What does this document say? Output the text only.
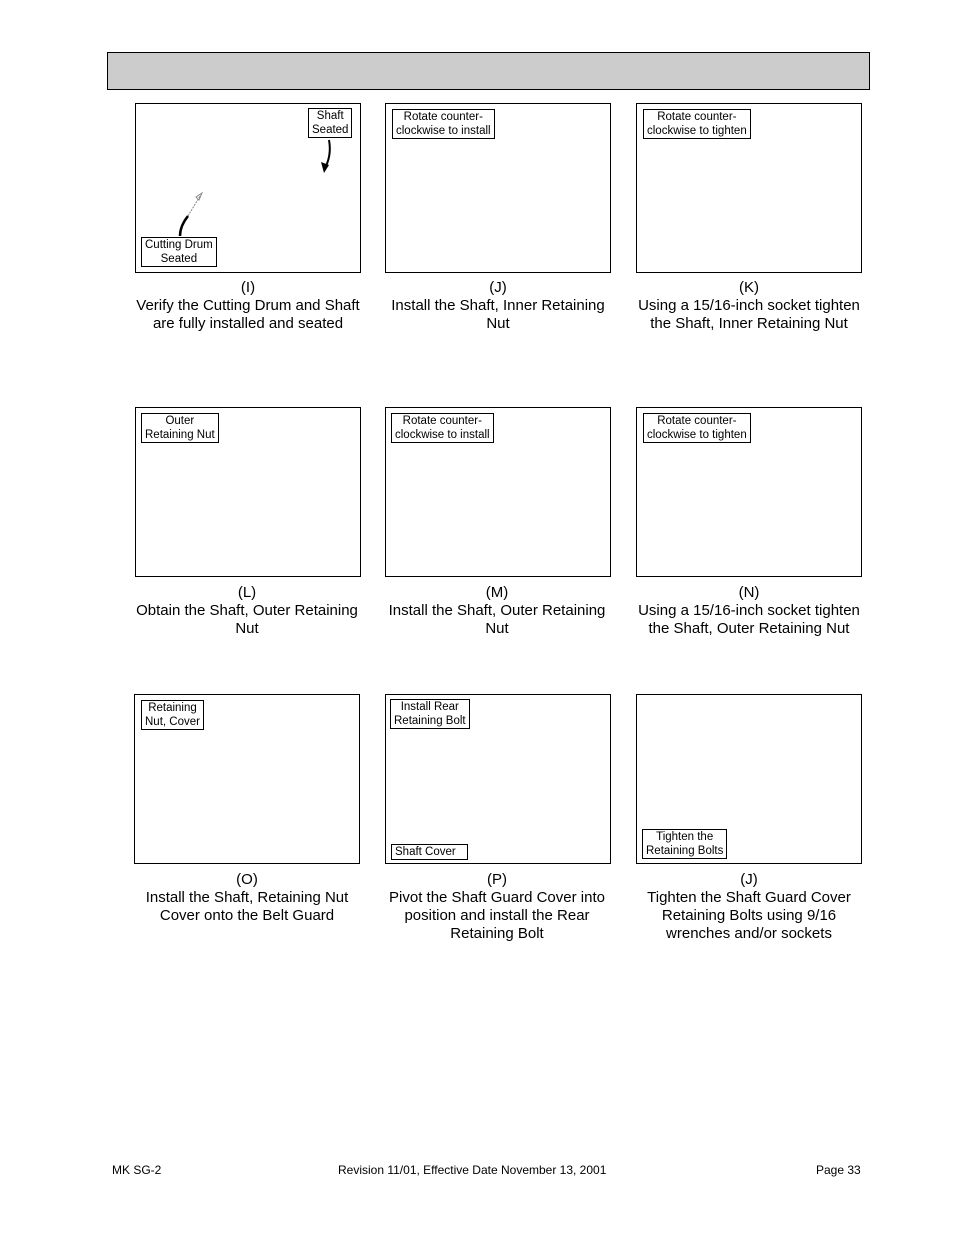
Shaft
Seated
Cutting Drum
Seated
(I)
Verify the Cutting Drum and Shaft are fully installed and seated
Rotate counter-
clockwise to install
(J)
Install the Shaft, Inner Retaining Nut
Rotate counter-
clockwise to tighten
(K)
Using a 15/16-inch socket tighten the Shaft, Inner Retaining Nut
Outer
Retaining Nut
(L)
Obtain the Shaft, Outer Retaining Nut
Rotate counter-
clockwise to install
(M)
Install the Shaft, Outer Retaining Nut
Rotate counter-
clockwise to tighten
(N)
Using a 15/16-inch socket tighten the Shaft, Outer Retaining Nut
Retaining
Nut, Cover
(O)
Install the Shaft, Retaining Nut Cover onto the Belt Guard
Install Rear
Retaining Bolt
Shaft Cover
(P)
Pivot the Shaft Guard Cover into position and install the Rear Retaining Bolt
Tighten the
Retaining Bolts
(J)
Tighten the Shaft Guard Cover Retaining Bolts using 9/16 wrenches and/or sockets
MK SG-2	Revision 11/01, Effective Date November 13, 2001	Page 33
